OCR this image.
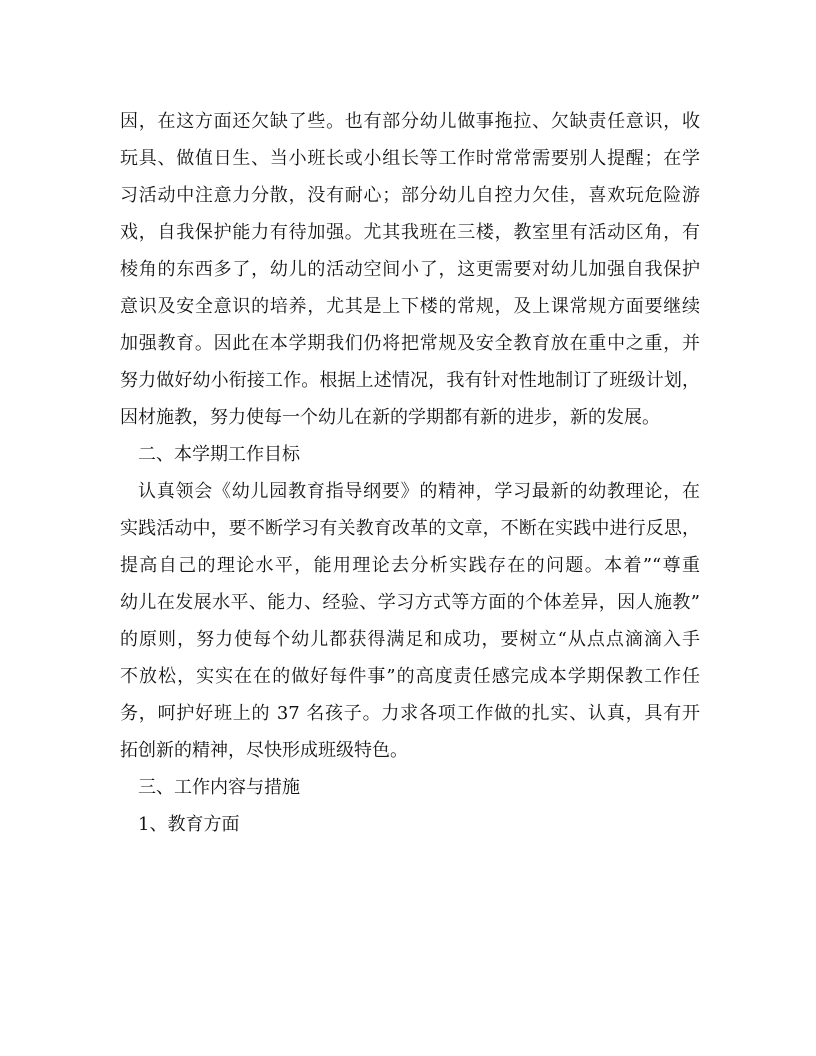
因，在这方面还欠缺了些。也有部分幼儿做事拖拉、欠缺责任意识，收
玩具、做值日生、当小班长或小组长等工作时常常需要别人提醒；在学
习活动中注意力分散，没有耐心；部分幼儿自控力欠佳，喜欢玩危险游
戏，自我保护能力有待加强。尤其我班在三楼，教室里有活动区角，有
棱角的东西多了，幼儿的活动空间小了，这更需要对幼儿加强自我保护
意识及安全意识的培养，尤其是上下楼的常规，及上课常规方面要继续
加强教育。因此在本学期我们仍将把常规及安全教育放在重中之重，并
努力做好幼小衔接工作。根据上述情况，我有针对性地制订了班级计划，
因材施教，努力使每一个幼儿在新的学期都有新的进步，新的发展。
二、本学期工作目标
认真领会《幼儿园教育指导纲要》的精神，学习最新的幼教理论，在
实践活动中，要不断学习有关教育改革的文章，不断在实践中进行反思，
提高自己的理论水平，能用理论去分析实践存在的问题。本着”“尊重
幼儿在发展水平、能力、经验、学习方式等方面的个体差异，因人施教”
的原则，努力使每个幼儿都获得满足和成功，要树立“从点点滴滴入手
不放松，实实在在的做好每件事”的高度责任感完成本学期保教工作任
务，呵护好班上的 37 名孩子。力求各项工作做的扎实、认真，具有开
拓创新的精神，尽快形成班级特色。
三、工作内容与措施
1、教育方面
